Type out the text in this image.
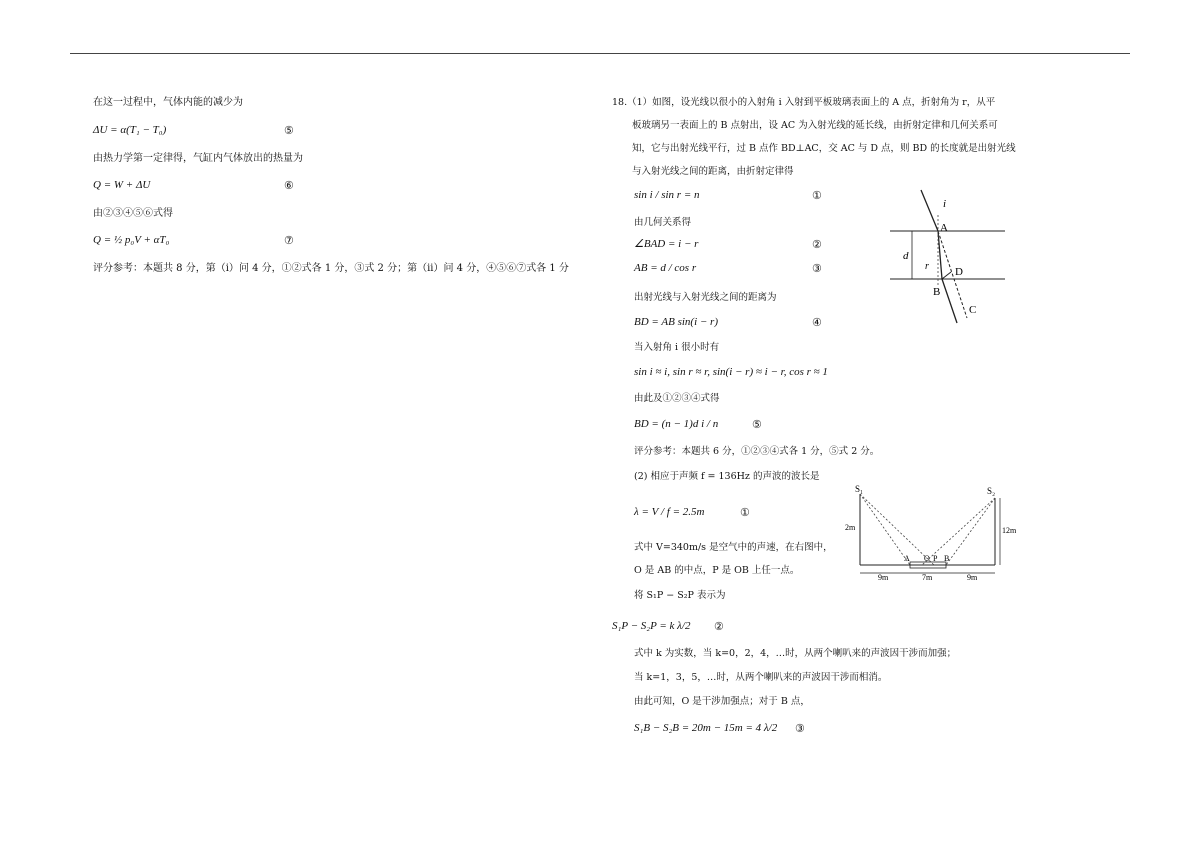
在这一过程中，气体内能的减少为
ΔU = α(T₁ − T₀)	⑤
由热力学第一定律得，气缸内气体放出的热量为
Q = W + ΔU	⑥
由②③④⑤⑥式得
Q = ½ p₀V + αT₀	⑦
评分参考：本题共 8 分，第（i）问 4 分，①②式各 1 分，③式 2 分；第（ii）问 4 分，④⑤⑥⑦式各 1 分
18.（1）如图，设光线以很小的入射角 i 入射到平板玻璃表面上的 A 点，折射角为 r，从平
板玻璃另一表面上的 B 点射出，设 AC 为入射光线的延长线，由折射定律和几何关系可
知，它与出射光线平行，过 B 点作 BD⊥AC，交 AC 与 D 点，则 BD 的长度就是出射光线
与入射光线之间的距离，由折射定律得
sin i / sin r = n	①
由几何关系得
∠BAD = i − r	②
AB = d / cos r	③
出射光线与入射光线之间的距离为
BD = AB sin(i − r)	④
当入射角 i 很小时有
sin i ≈ i, sin r ≈ r, sin(i − r) ≈ i − r, cos r ≈ 1
由此及①②③④式得
BD = (n − 1)d i / n	⑤
评分参考：本题共 6 分，①②③④式各 1 分，⑤式 2 分。
(2) 相应于声频 f = 136Hz 的声波的波长是
λ = V / f = 2.5m	①
式中 V=340m/s 是空气中的声速，在右图中，
O 是 AB 的中点，P 是 OB 上任一点。
将 S₁P − S₂P 表示为
S₁P − S₂P = k λ/2 ②
式中 k 为实数，当 k=0，2，4，…时，从两个喇叭来的声波因干涉而加强；
当 k=1，3，5，…时，从两个喇叭来的声波因干涉而相消。
由此可知，O 是干涉加强点；对于 B 点，
S₁B − S₂B = 20m − 15m = 4 λ/2 ③
i
A
d
r D
B
C
S₁	S₂
2m	12m
A O P B
9m	7m	9m
